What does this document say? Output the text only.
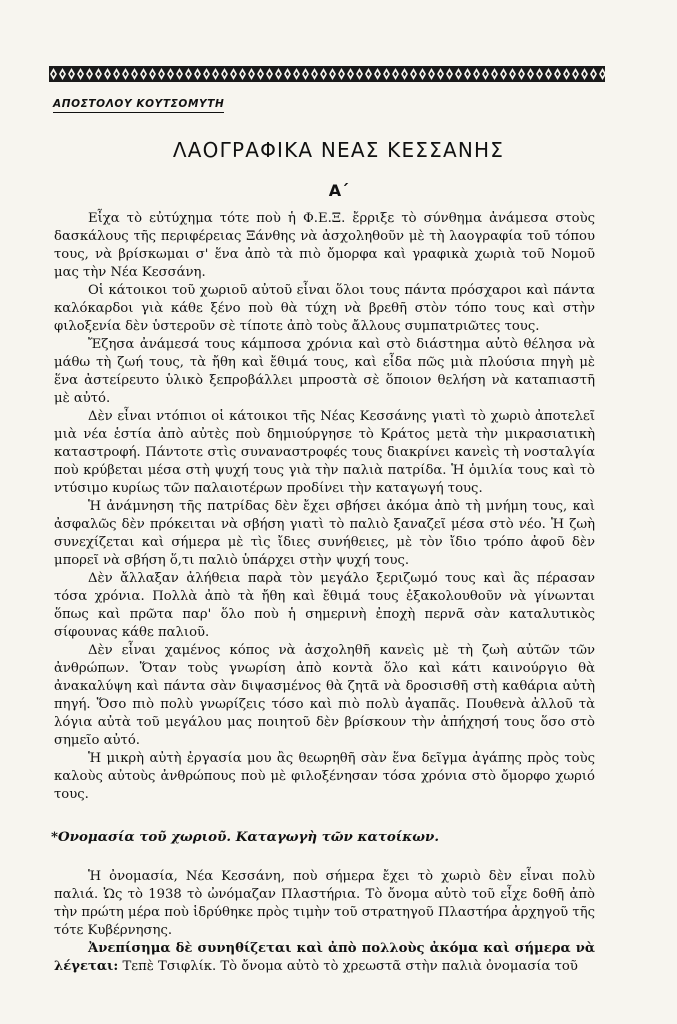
ΑΠΟΣΤΟΛΟΥ ΚΟΥΤΣΟΜΥΤΗ
ΛΑΟΓΡΑΦΙΚΑ ΝΕΑΣ ΚΕΣΣΑΝΗΣ
Α΄

Εἶχα τὸ εὐτύχημα τότε ποὺ ἡ Φ.Ε.Ξ. ἔρριξε τὸ σύνθημα ἀνάμεσα στοὺς δασκάλους τῆς περιφέρειας Ξάνθης νὰ ἀσχοληθοῦν μὲ τὴ λαογραφία τοῦ τόπου τους, νὰ βρίσκωμαι σ' ἕνα ἀπὸ τὰ πιὸ ὄμορφα καὶ γραφικὰ χωριὰ τοῦ Νομοῦ μας τὴν Νέα Κεσσάνη.

Οἱ κάτοικοι τοῦ χωριοῦ αὐτοῦ εἶναι ὅλοι τους πάντα πρόσχαροι καὶ πάντα καλόκαρδοι γιὰ κάθε ξένο ποὺ θὰ τύχη νὰ βρεθῆ στὸν τόπο τους καὶ στὴν φιλοξενία δὲν ὑστεροῦν σὲ τίποτε ἀπὸ τοὺς ἄλλους συμπατριῶτες τους.

Ἔζησα ἀνάμεσά τους κάμποσα χρόνια καὶ στὸ διάστημα αὐτὸ θέλησα νὰ μάθω τὴ ζωή τους, τὰ ἤθη καὶ ἔθιμά τους, καὶ εἶδα πῶς μιὰ πλούσια πηγὴ μὲ ἕνα ἀστείρευτο ὑλικὸ ξεπροβάλλει μπροστὰ σὲ ὅποιον θελήση νὰ καταπιαστῆ μὲ αὐτό.

Δὲν εἶναι ντόπιοι οἱ κάτοικοι τῆς Νέας Κεσσάνης γιατὶ τὸ χωριὸ ἀποτελεῖ μιὰ νέα ἑστία ἀπὸ αὐτὲς ποὺ δημιούργησε τὸ Κράτος μετὰ τὴν μικρασιατικὴ καταστροφή. Πάντοτε στὶς συναναστροφές τους διακρίνει κανεὶς τὴ νοσταλγία ποὺ κρύβεται μέσα στὴ ψυχή τους γιὰ τὴν παλιὰ πατρίδα. Ἡ ὁμιλία τους καὶ τὸ ντύσιμο κυρίως τῶν παλαιοτέρων προδίνει τὴν καταγωγή τους.

Ἡ ἀνάμνηση τῆς πατρίδας δὲν ἔχει σβήσει ἀκόμα ἀπὸ τὴ μνήμη τους, καὶ ἀσφαλῶς δὲν πρόκειται νὰ σβήση γιατὶ τὸ παλιὸ ξαναζεῖ μέσα στὸ νέο. Ἡ ζωὴ συνεχίζεται καὶ σήμερα μὲ τὶς ἴδιες συνήθειες, μὲ τὸν ἴδιο τρόπο ἀφοῦ δὲν μπορεῖ νὰ σβήση ὅ,τι παλιὸ ὑπάρχει στὴν ψυχή τους.

Δὲν ἄλλαξαν ἀλήθεια παρὰ τὸν μεγάλο ξεριζωμό τους καὶ ἂς πέρασαν τόσα χρόνια. Πολλὰ ἀπὸ τὰ ἤθη καὶ ἔθιμά τους ἐξακολουθοῦν νὰ γίνωνται ὅπως καὶ πρῶτα παρ' ὅλο ποὺ ἡ σημερινὴ ἐποχὴ περνᾶ σὰν καταλυτικὸς σίφουνας κάθε παλιοῦ.

Δὲν εἶναι χαμένος κόπος νὰ ἀσχοληθῆ κανεὶς μὲ τὴ ζωὴ αὐτῶν τῶν ἀνθρώπων. Ὅταν τοὺς γνωρίση ἀπὸ κοντὰ ὅλο καὶ κάτι καινούργιο θὰ ἀνακαλύψη καὶ πάντα σὰν διψασμένος θὰ ζητᾶ νὰ δροσισθῆ στὴ καθάρια αὐτὴ πηγή. Ὅσο πιὸ πολὺ γνωρίζεις τόσο καὶ πιὸ πολὺ ἀγαπᾶς. Πουθενὰ ἀλλοῦ τὰ λόγια αὐτὰ τοῦ μεγάλου μας ποιητοῦ δὲν βρίσκουν τὴν ἀπήχησή τους ὅσο στὸ σημεῖο αὐτό.

Ἡ μικρὴ αὐτὴ ἐργασία μου ἂς θεωρηθῆ σὰν ἕνα δεῖγμα ἀγάπης πρὸς τοὺς καλοὺς αὐτοὺς ἀνθρώπους ποὺ μὲ φιλοξένησαν τόσα χρόνια στὸ ὄμορφο χωριό τους.

*Ονομασία τοῦ χωριοῦ. Καταγωγὴ τῶν κατοίκων.

Ἡ ὀνομασία, Νέα Κεσσάνη, ποὺ σήμερα ἔχει τὸ χωριὸ δὲν εἶναι πολὺ παλιά. Ὡς τὸ 1938 τὸ ὠνόμαζαν Πλαστήρια. Τὸ ὄνομα αὐτὸ τοῦ εἶχε δοθῆ ἀπὸ τὴν πρώτη μέρα ποὺ ἱδρύθηκε πρὸς τιμὴν τοῦ στρατηγοῦ Πλαστήρα ἀρχηγοῦ τῆς τότε Κυβέρνησης.

Ἀνεπίσημα δὲ συνηθίζεται καὶ ἀπὸ πολλοὺς ἀκόμα καὶ σήμερα νὰ λέγεται: Τεπὲ Τσιφλίκ. Τὸ ὄνομα αὐτὸ τὸ χρεωστᾶ στὴν παλιὰ ὀνομασία τοῦ
